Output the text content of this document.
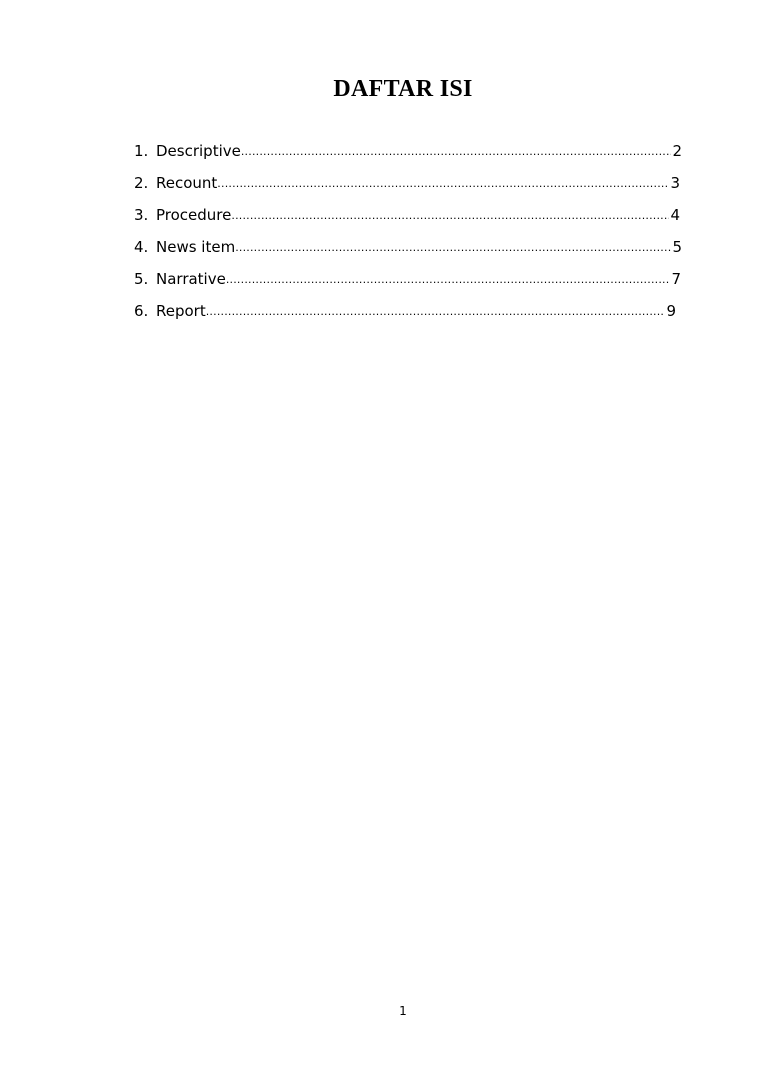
DAFTAR ISI
1. Descriptive .....	2
2. Recount .....	3
3. Procedure .....	4
4. News item .....	5
5. Narrative .....	7
6. Report .....	9
1
